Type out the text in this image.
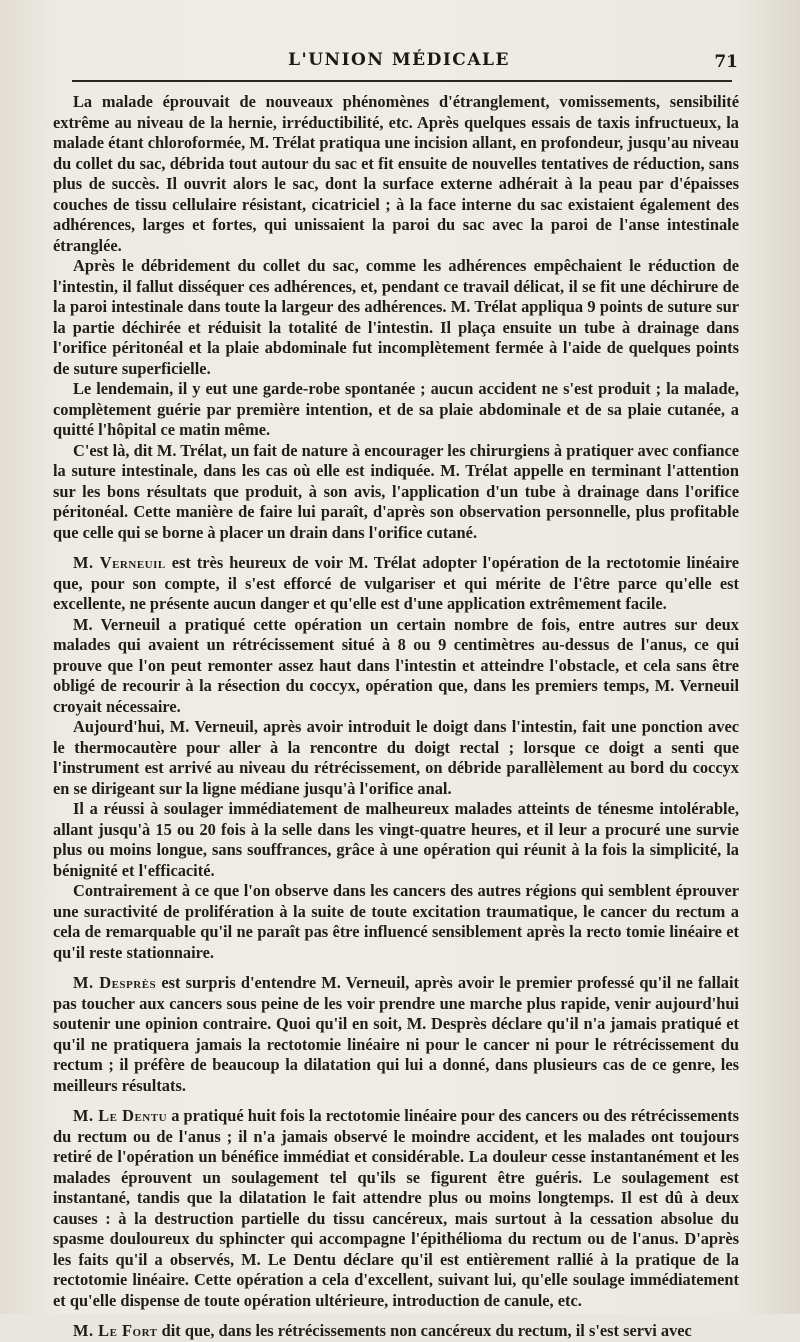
L'UNION MÉDICALE	71

La malade éprouvait de nouveaux phénomènes d'étranglement, vomissements, sensibilité extrême au niveau de la hernie, irréductibilité, etc. Après quelques essais de taxis infructueux, la malade étant chloroformée, M. Trélat pratiqua une incision allant, en profondeur, jusqu'au niveau du collet du sac, débrida tout autour du sac et fit ensuite de nouvelles tentatives de réduction, sans plus de succès. Il ouvrit alors le sac, dont la surface externe adhérait à la peau par d'épaisses couches de tissu cellulaire résistant, cicatriciel ; à la face interne du sac existaient également des adhérences, larges et fortes, qui unissaient la paroi du sac avec la paroi de l'anse intestinale étranglée.

Après le débridement du collet du sac, comme les adhérences empêchaient le réduction de l'intestin, il fallut disséquer ces adhérences, et, pendant ce travail délicat, il se fit une déchirure de la paroi intestinale dans toute la largeur des adhérences. M. Trélat appliqua 9 points de suture sur la partie déchirée et réduisit la totalité de l'intestin. Il plaça ensuite un tube à drainage dans l'orifice péritonéal et la plaie abdominale fut incomplètement fermée à l'aide de quelques points de suture superficielle.

Le lendemain, il y eut une garde-robe spontanée ; aucun accident ne s'est produit ; la malade, complètement guérie par première intention, et de sa plaie abdominale et de sa plaie cutanée, a quitté l'hôpital ce matin même.

C'est là, dit M. Trélat, un fait de nature à encourager les chirurgiens à pratiquer avec confiance la suture intestinale, dans les cas où elle est indiquée. M. Trélat appelle en terminant l'attention sur les bons résultats que produit, à son avis, l'application d'un tube à drainage dans l'orifice péritonéal. Cette manière de faire lui paraît, d'après son observation personnelle, plus profitable que celle qui se borne à placer un drain dans l'orifice cutané.

M. Verneuil est très heureux de voir M. Trélat adopter l'opération de la rectotomie linéaire que, pour son compte, il s'est efforcé de vulgariser et qui mérite de l'être parce qu'elle est excellente, ne présente aucun danger et qu'elle est d'une application extrêmement facile.

M. Verneuil a pratiqué cette opération un certain nombre de fois, entre autres sur deux malades qui avaient un rétrécissement situé à 8 ou 9 centimètres au-dessus de l'anus, ce qui prouve que l'on peut remonter assez haut dans l'intestin et atteindre l'obstacle, et cela sans être obligé de recourir à la résection du coccyx, opération que, dans les premiers temps, M. Verneuil croyait nécessaire.

Aujourd'hui, M. Verneuil, après avoir introduit le doigt dans l'intestin, fait une ponction avec le thermocautère pour aller à la rencontre du doigt rectal ; lorsque ce doigt a senti que l'instrument est arrivé au niveau du rétrécissement, on débride parallèlement au bord du coccyx en se dirigeant sur la ligne médiane jusqu'à l'orifice anal.

Il a réussi à soulager immédiatement de malheureux malades atteints de ténesme intolérable, allant jusqu'à 15 ou 20 fois à la selle dans les vingt-quatre heures, et il leur a procuré une survie plus ou moins longue, sans souffrances, grâce à une opération qui réunit à la fois la simplicité, la bénignité et l'efficacité.

Contrairement à ce que l'on observe dans les cancers des autres régions qui semblent éprouver une suractivité de prolifération à la suite de toute excitation traumatique, le cancer du rectum a cela de remarquable qu'il ne paraît pas être influencé sensiblement après la recto tomie linéaire et qu'il reste stationnaire.

M. Desprès est surpris d'entendre M. Verneuil, après avoir le premier professé qu'il ne fallait pas toucher aux cancers sous peine de les voir prendre une marche plus rapide, venir aujourd'hui soutenir une opinion contraire. Quoi qu'il en soit, M. Desprès déclare qu'il n'a jamais pratiqué et qu'il ne pratiquera jamais la rectotomie linéaire ni pour le cancer ni pour le rétrécissement du rectum ; il préfère de beaucoup la dilatation qui lui a donné, dans plusieurs cas de ce genre, les meilleurs résultats.

M. Le Dentu a pratiqué huit fois la rectotomie linéaire pour des cancers ou des rétrécissements du rectum ou de l'anus ; il n'a jamais observé le moindre accident, et les malades ont toujours retiré de l'opération un bénéfice immédiat et considérable. La douleur cesse instantanément et les malades éprouvent un soulagement tel qu'ils se figurent être guéris. Le soulagement est instantané, tandis que la dilatation le fait attendre plus ou moins longtemps. Il est dû à deux causes : à la destruction partielle du tissu cancéreux, mais surtout à la cessation absolue du spasme douloureux du sphincter qui accompagne l'épithélioma du rectum ou de l'anus. D'après les faits qu'il a observés, M. Le Dentu déclare qu'il est entièrement rallié à la pratique de la rectotomie linéaire. Cette opération a cela d'excellent, suivant lui, qu'elle soulage immédiatement et qu'elle dispense de toute opération ultérieure, introduction de canule, etc.

M. Le Fort dit que, dans les rétrécissements non cancéreux du rectum, il s'est servi avec
